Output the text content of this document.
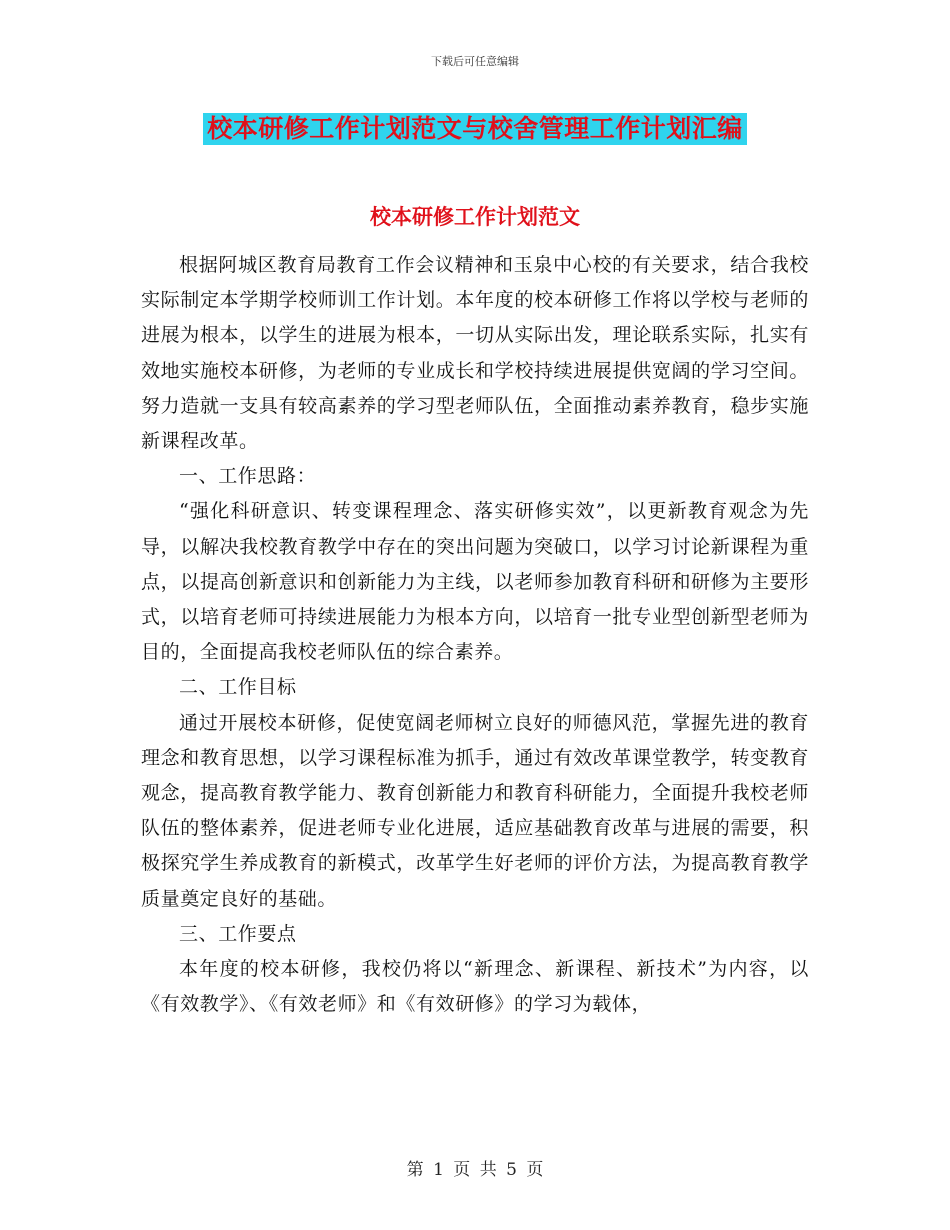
下载后可任意编辑
校本研修工作计划范文与校舍管理工作计划汇编
校本研修工作计划范文

根据阿城区教育局教育工作会议精神和玉泉中心校的有关要求，结合我校实际制定本学期学校师训工作计划。本年度的校本研修工作将以学校与老师的进展为根本，以学生的进展为根本，一切从实际出发，理论联系实际，扎实有效地实施校本研修，为老师的专业成长和学校持续进展提供宽阔的学习空间。努力造就一支具有较高素养的学习型老师队伍，全面推动素养教育，稳步实施新课程改革。

一、工作思路：

“强化科研意识、转变课程理念、落实研修实效”，以更新教育观念为先导，以解决我校教育教学中存在的突出问题为突破口，以学习讨论新课程为重点，以提高创新意识和创新能力为主线，以老师参加教育科研和研修为主要形式，以培育老师可持续进展能力为根本方向，以培育一批专业型创新型老师为目的，全面提高我校老师队伍的综合素养。

二、工作目标

通过开展校本研修，促使宽阔老师树立良好的师德风范，掌握先进的教育理念和教育思想，以学习课程标准为抓手，通过有效改革课堂教学，转变教育观念，提高教育教学能力、教育创新能力和教育科研能力，全面提升我校老师队伍的整体素养，促进老师专业化进展，适应基础教育改革与进展的需要，积极探究学生养成教育的新模式，改革学生好老师的评价方法，为提高教育教学质量奠定良好的基础。

三、工作要点

本年度的校本研修，我校仍将以“新理念、新课程、新技术”为内容，以《有效教学》、《有效老师》和《有效研修》的学习为载体，

第 1 页 共 5 页
